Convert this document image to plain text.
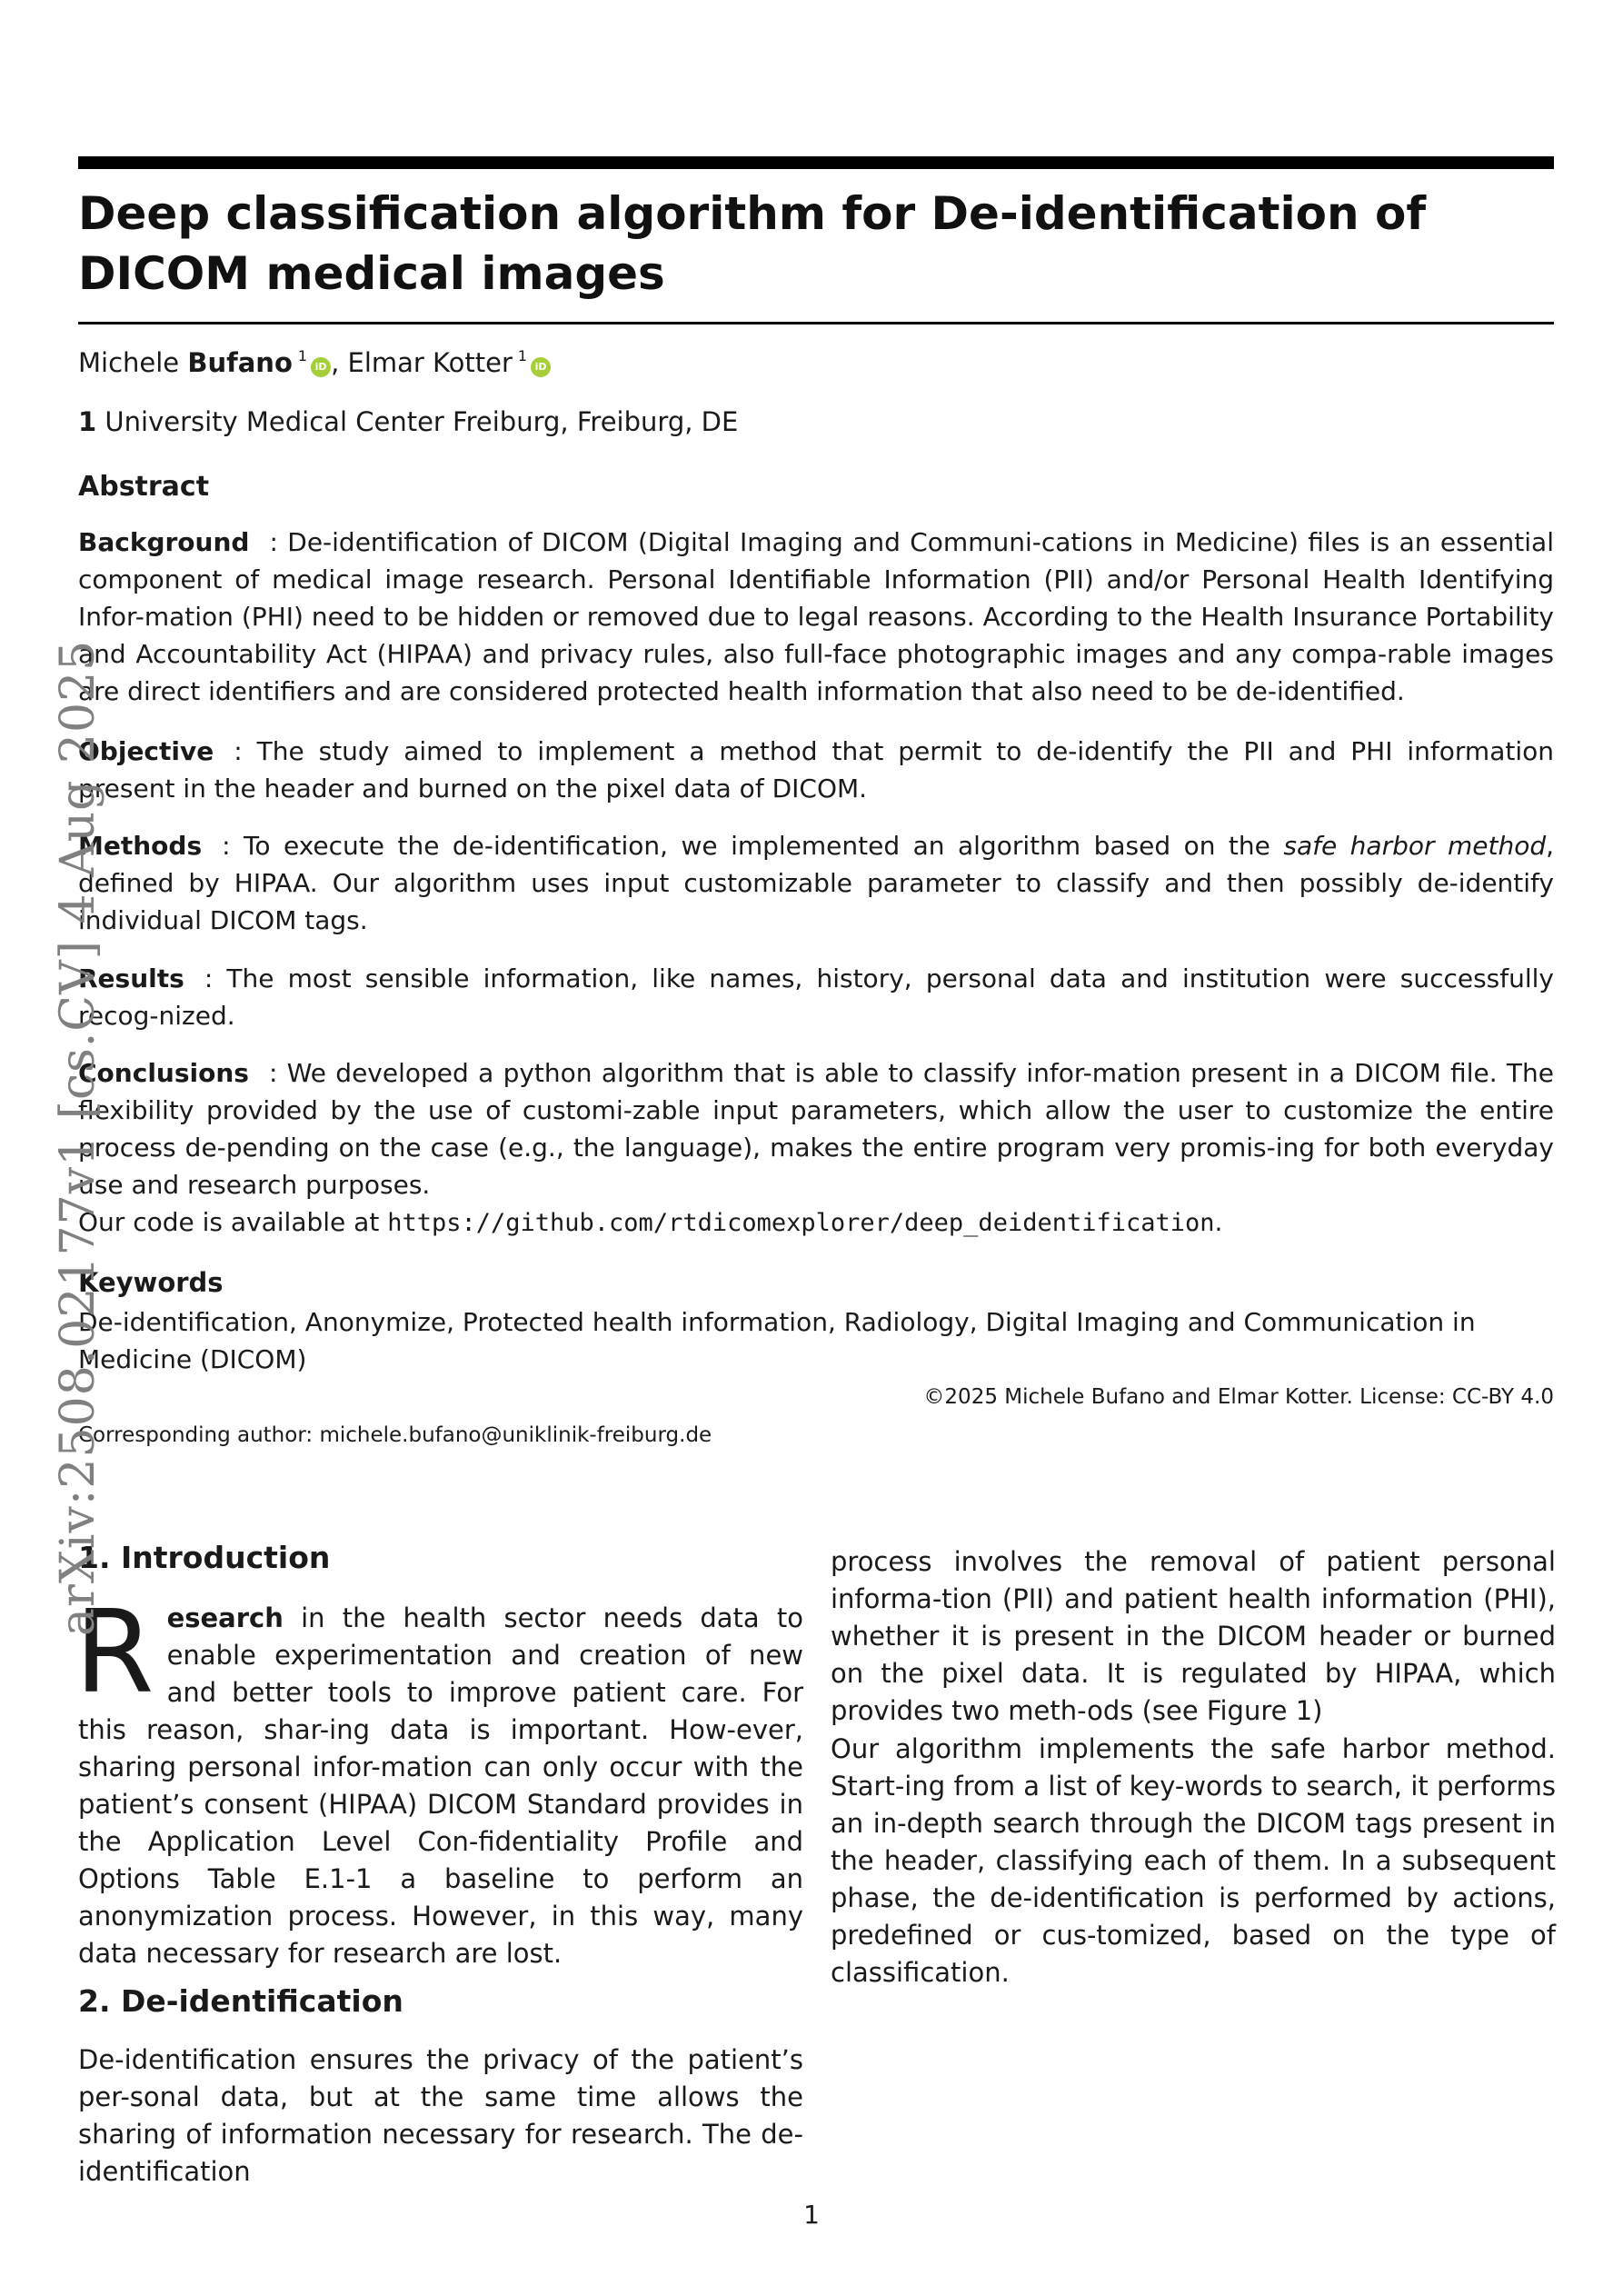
Deep classification algorithm for De-identification of DICOM medical images
Michele Bufano $^1$iD , Elmar Kotter $^1$iD
1 University Medical Center Freiburg, Freiburg, DE
Abstract
Background : De-identification of DICOM (Digital Imaging and Communi-cations in Medicine) files is an essential component of medical image research. Personal Identifiable Information (PII) and/or Personal Health Identifying Infor-mation (PHI) need to be hidden or removed due to legal reasons. According to the Health Insurance Portability and Accountability Act (HIPAA) and privacy rules, also full-face photographic images and any compa-rable images are direct identifiers and are considered protected health information that also need to be de-identified.
Objective : The study aimed to implement a method that permit to de-identify the PII and PHI information present in the header and burned on the pixel data of DICOM.
Methods : To execute the de-identification, we implemented an algorithm based on the safe harbor method, defined by HIPAA. Our algorithm uses input customizable parameter to classify and then possibly de-identify individual DICOM tags.
Results : The most sensible information, like names, history, personal data and institution were successfully recog-nized.
Conclusions : We developed a python algorithm that is able to classify infor-mation present in a DICOM file. The flexibility provided by the use of customi-zable input parameters, which allow the user to customize the entire process de-pending on the case (e.g., the language), makes the entire program very promis-ing for both everyday use and research purposes.
Our code is available at https://github.com/rtdicomexplorer/deep_deidentification.
Keywords
De-identification, Anonymize, Protected health information, Radiology, Digital Imaging and Communication in Medicine (DICOM)
©2025 Michele Bufano and Elmar Kotter. License: CC-BY 4.0
Corresponding author: michele.bufano@uniklinik-freiburg.de
1. Introduction
Research in the health sector needs data to enable experimentation and creation of new and better tools to improve patient care. For this reason, shar-ing data is important. How-ever, sharing personal infor-mation can only occur with the patient’s consent (HIPAA) DICOM Standard provides in the Application Level Con-fidentiality Profile and Options Table E.1-1 a baseline to perform an anonymization process. However, in this way, many data necessary for research are lost.
2. De-identification
De-identification ensures the privacy of the patient’s per-sonal data, but at the same time allows the sharing of information necessary for research. The de-identification
process involves the removal of patient personal informa-tion (PII) and patient health information (PHI), whether it is present in the DICOM header or burned on the pixel data. It is regulated by HIPAA, which provides two meth-ods (see Figure 1)
Our algorithm implements the safe harbor method. Start-ing from a list of key-words to search, it performs an in-depth search through the DICOM tags present in the header, classifying each of them. In a subsequent phase, the de-identification is performed by actions, predefined or cus-tomized, based on the type of classification.
1
arXiv:2508.02177v1 [cs.CV] 4 Aug 2025
